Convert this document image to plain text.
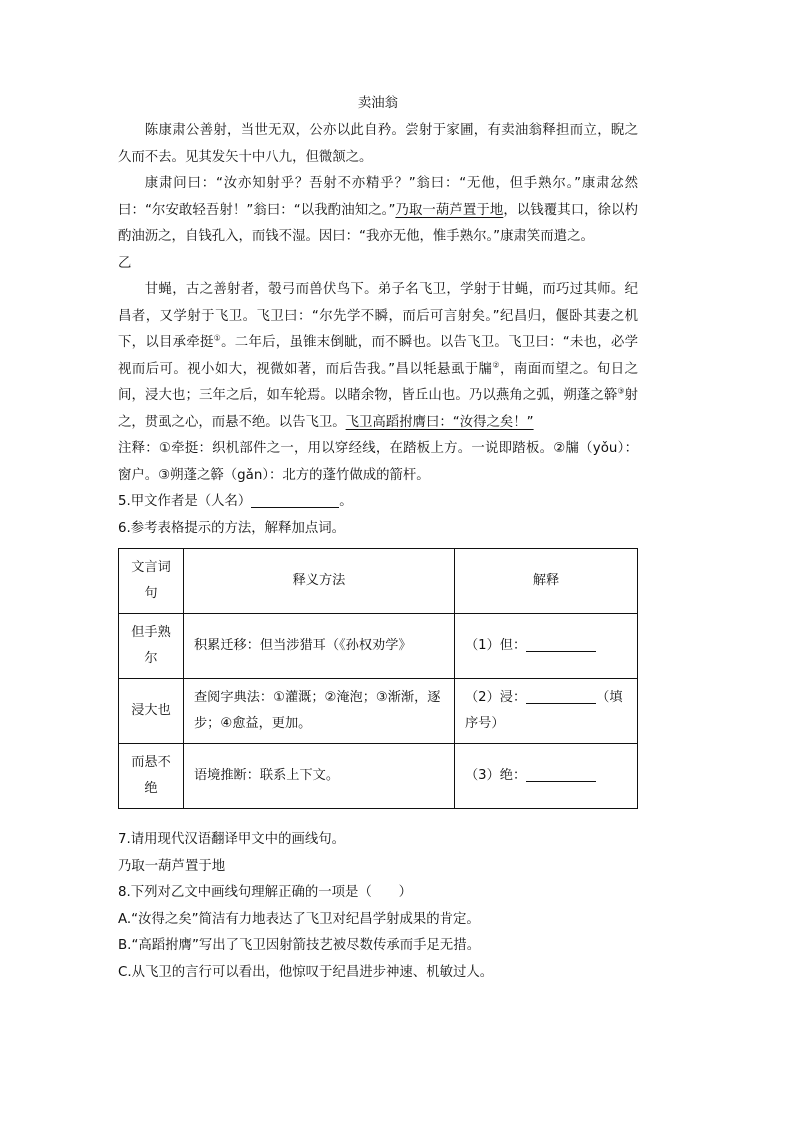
卖油翁

陈康肃公善射，当世无双，公亦以此自矜。尝射于家圃，有卖油翁释担而立，睨之久而不去。见其发矢十中八九，但微颔之。

康肃问曰：“汝亦知射乎？吾射不亦精乎？”翁曰：“无他，但手熟尔。”康肃忿然曰：“尔安敢轻吾射！”翁曰：“以我酌油知之。”乃取一葫芦置于地，以钱覆其口，徐以杓酌油沥之，自钱孔入，而钱不湿。因曰：“我亦无他，惟手熟尔。”康肃笑而遣之。

乙

甘蝇，古之善射者，彀弓而兽伏鸟下。弟子名飞卫，学射于甘蝇，而巧过其师。纪昌者，又学射于飞卫。飞卫曰：“尔先学不瞬，而后可言射矣。”纪昌归，偃卧其妻之机下，以目承牵挺①。二年后，虽锥末倒眦，而不瞬也。以告飞卫。飞卫曰：“未也，必学视而后可。视小如大，视微如著，而后告我。”昌以牦悬虱于牖②，南面而望之。旬日之间，浸大也；三年之后，如车轮焉。以睹余物，皆丘山也。乃以燕角之弧，朔蓬之簳③射之，贯虱之心，而悬不绝。以告飞卫。飞卫高蹈拊膺曰：“汝得之矣！”

注释：①牵挺：织机部件之一，用以穿经线，在踏板上方。一说即踏板。②牖（yǒu）：窗户。③朔蓬之簳（gǎn）：北方的蓬竹做成的箭杆。

5.甲文作者是（人名）	。

6.参考表格提示的方法，解释加点词。

文言词句	释义方法	解释
但手熟尔	积累迁移：但当涉猎耳（《孙权劝学》	（1）但：
浸大也	查阅字典法：①灌溉；②淹泡；③渐渐，逐步；④愈益，更加。	（2）浸： （填序号）
而悬不绝	语境推断：联系上下文。	（3）绝：

7.请用现代汉语翻译甲文中的画线句。

乃取一葫芦置于地

8.下列对乙文中画线句理解正确的一项是（　　）

A.“汝得之矣”简洁有力地表达了飞卫对纪昌学射成果的肯定。

B.“高蹈拊膺”写出了飞卫因射箭技艺被尽数传承而手足无措。

C.从飞卫的言行可以看出，他惊叹于纪昌进步神速、机敏过人。
